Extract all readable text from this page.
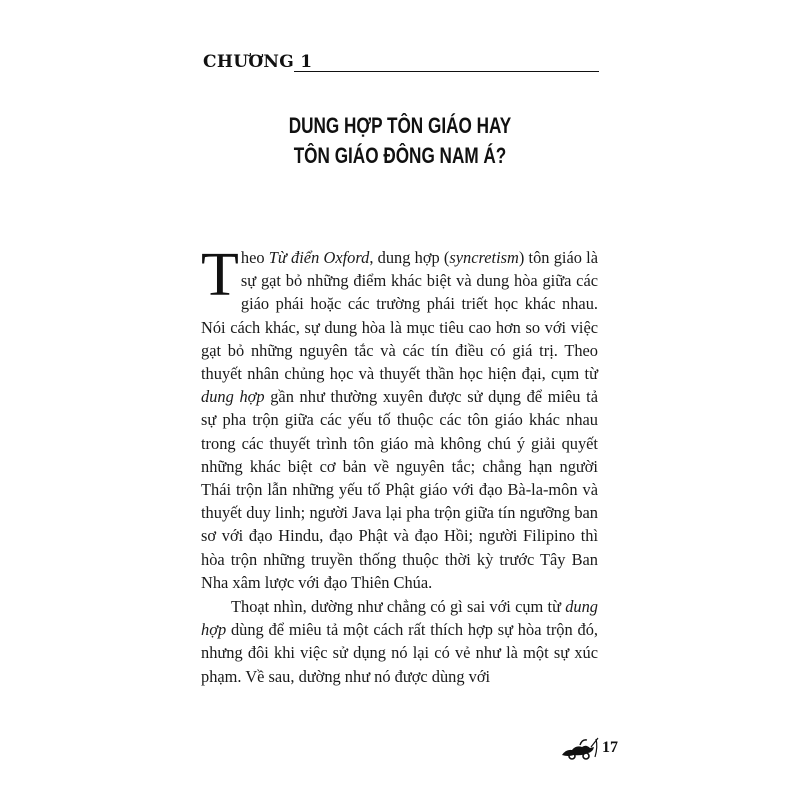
CHƯƠNG 1
DUNG HỢP TÔN GIÁO HAY
TÔN GIÁO ĐÔNG NAM Á?

Theo Từ điển Oxford, dung hợp (syncretism) tôn giáo là sự gạt bỏ những điểm khác biệt và dung hòa giữa các giáo phái hoặc các trường phái triết học khác nhau. Nói cách khác, sự dung hòa là mục tiêu cao hơn so với việc gạt bỏ những nguyên tắc và các tín điều có giá trị. Theo thuyết nhân chủng học và thuyết thần học hiện đại, cụm từ dung hợp gần như thường xuyên được sử dụng để miêu tả sự pha trộn giữa các yếu tố thuộc các tôn giáo khác nhau trong các thuyết trình tôn giáo mà không chú ý giải quyết những khác biệt cơ bản về nguyên tắc; chẳng hạn người Thái trộn lẫn những yếu tố Phật giáo với đạo Bà-la-môn và thuyết duy linh; người Java lại pha trộn giữa tín ngưỡng ban sơ với đạo Hindu, đạo Phật và đạo Hồi; người Filipino thì hòa trộn những truyền thống thuộc thời kỳ trước Tây Ban Nha xâm lược với đạo Thiên Chúa.

Thoạt nhìn, dường như chẳng có gì sai với cụm từ dung hợp dùng để miêu tả một cách rất thích hợp sự hòa trộn đó, nhưng đôi khi việc sử dụng nó lại có vẻ như là một sự xúc phạm. Về sau, dường như nó được dùng với

17
